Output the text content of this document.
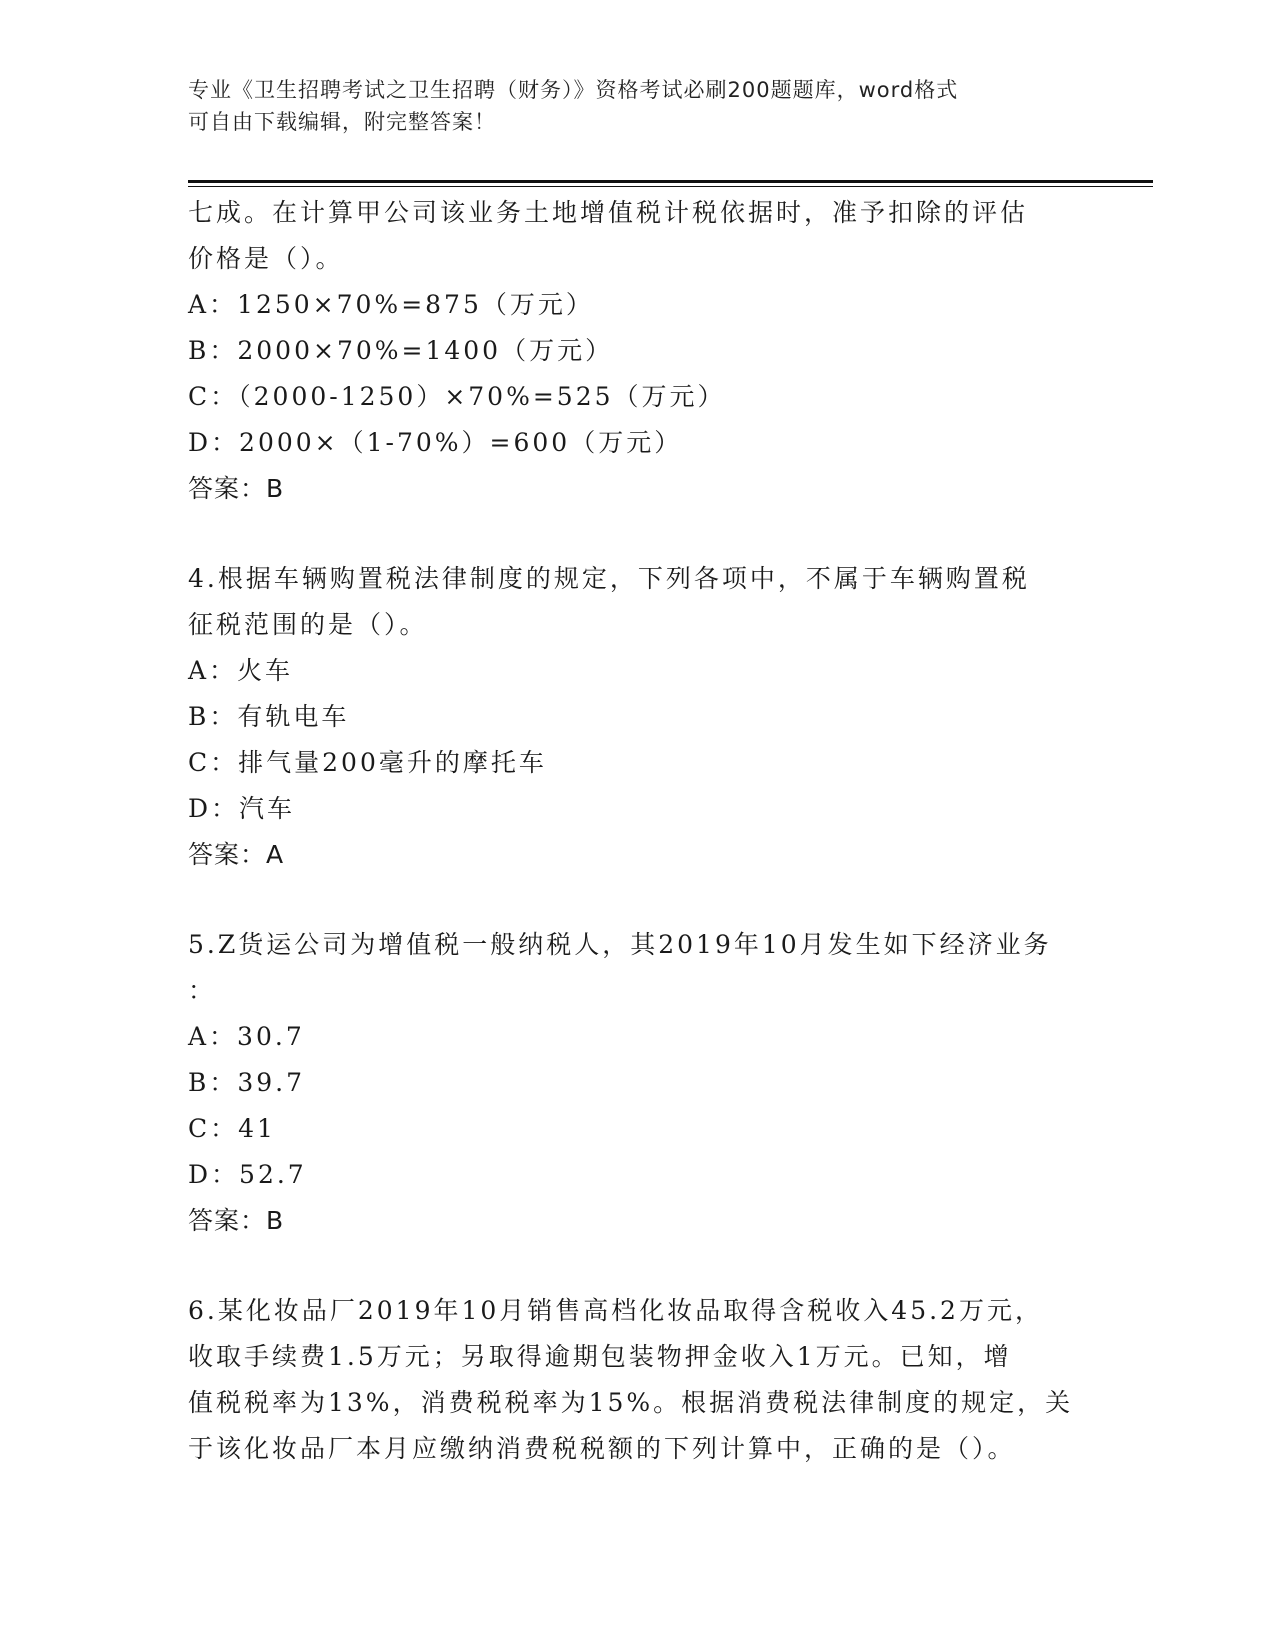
专业《卫生招聘考试之卫生招聘（财务）》资格考试必刷200题题库，word格式
可自由下载编辑，附完整答案！
七成。在计算甲公司该业务土地增值税计税依据时，准予扣除的评估
价格是（）。
A：1250×70%=875（万元）
B：2000×70%=1400（万元）
C：（2000-1250）×70%=525（万元）
D：2000×（1-70%）=600（万元）
答案：B
4.根据车辆购置税法律制度的规定，下列各项中，不属于车辆购置税
征税范围的是（）。
A：火车
B：有轨电车
C：排气量200毫升的摩托车
D：汽车
答案：A
5.Z货运公司为增值税一般纳税人，其2019年10月发生如下经济业务
：
A：30.7
B：39.7
C：41
D：52.7
答案：B
6.某化妆品厂2019年10月销售高档化妆品取得含税收入45.2万元，
收取手续费1.5万元；另取得逾期包装物押金收入1万元。已知，增
值税税率为13%，消费税税率为15%。根据消费税法律制度的规定，关
于该化妆品厂本月应缴纳消费税税额的下列计算中，正确的是（）。
